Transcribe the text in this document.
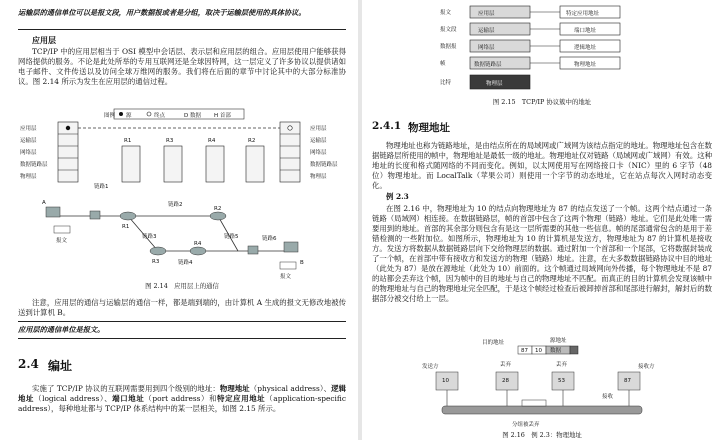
运输层的通信单位可以是报文段，用户数据报或者是分组，取决于运输层使用的具体协议。
应用层
TCP/IP 中的应用层相当于 OSI 模型中会话层、表示层和应用层的组合。应用层使用户能够获得网络提供的服务。不论是此处所举的专用互联网还是全球因特网，这一层定义了许多协议以提供诸如电子邮件、文件传送以及访问全球万维网的服务。我们将在后面的章节中讨论其中的大部分标准协议。图 2.14 所示为发生在应用层的通信过程。
图例 源	终点	D 数据 H 首部
应用层
运输层
网络层
数据链路层
物理层
应用层
运输层
网络层
数据链路层
物理层
R1	R3	R4	R2
A
B
链路1
链路2
链路3
链路4
链路5	链路6
R1
R2
R3
R4
报文
报文
图 2.14　应用层上的通信
注意，应用层的通信与运输层的通信一样，都是端到端的，由计算机 A 生成的报文无修改地被传送到计算机 B。
应用层的通信单位是报文。
2.4 编址
实施了 TCP/IP 协议的互联网需要用到四个级别的地址：物理地址（physical address）、逻辑地址（logical address）、端口地址（port address）和特定应用地址（application-specific address），每种地址都与 TCP/IP 体系结构中的某一层相关，如图 2.15 所示。
报文
报文段
数据报
帧
比特
应用层
运输层
网络层
数据链路层
物理层
特定应用地址
端口地址
逻辑地址
物理地址
图 2.15　TCP/IP 协议簇中的地址
2.4.1 物理地址
物理地址也称为链路地址，是由结点所在的局域网或广域网为该结点指定的地址。物理地址包含在数据链路层所使用的帧中，物理地址是最低一级的地址。物理地址仅对链路（局域网或广域网）有效。这种地址的长度和格式随网络的不同而变化。例如，以太网使用写在网络接口卡（NIC）里的 6 字节（48 位）物理地址。而 LocalTalk（苹果公司）则使用一个字节的动态地址，它在站点每次入网时动态变化。
例 2.3
在图 2.16 中，物理地址为 10 的结点向物理地址为 87 的结点发送了一个帧。这两个结点通过一条链路（局域网）相连接。在数据链路层，帧的首部中包含了这两个物理（链路）地址。它们是此处唯一需要用到的地址。首部的其余部分则包含有是这一层所需要的其他一些信息。帧的尾部通常包含的是用于差错检测的一些附加位。如图所示，物理地址为 10 的计算机是发送方，物理地址为 87 的计算机是接收方。发送方将数据从数据链路层向下交给物理层的数据。通过附加一个首部和一个尾部，它将数据封装成了一个帧，在首部中带有接收方和发送方的物理（链路）地址。注意，在大多数数据链路协议中目的地址（此处为 87）是放在源地址（此处为 10）前面的。这个帧通过局域网向外传播，每个物理地址不是 87 的站都会丢弃这个帧，因为帧中的目的地址与自己的物理地址不匹配。而真正的目的计算机会发现该帧中的物理地址与自己的物理地址完全匹配，于是这个帧经过检查后被卸掉首部和尾部进行解封，解封后的数据部分被交付给上一层。
目的地址	源地址
87 10 数据
10	28	53	87
发送方	接收方
丢弃	丢弃
接收
分组被丢弃
图 2.16　例 2.3：物理地址
